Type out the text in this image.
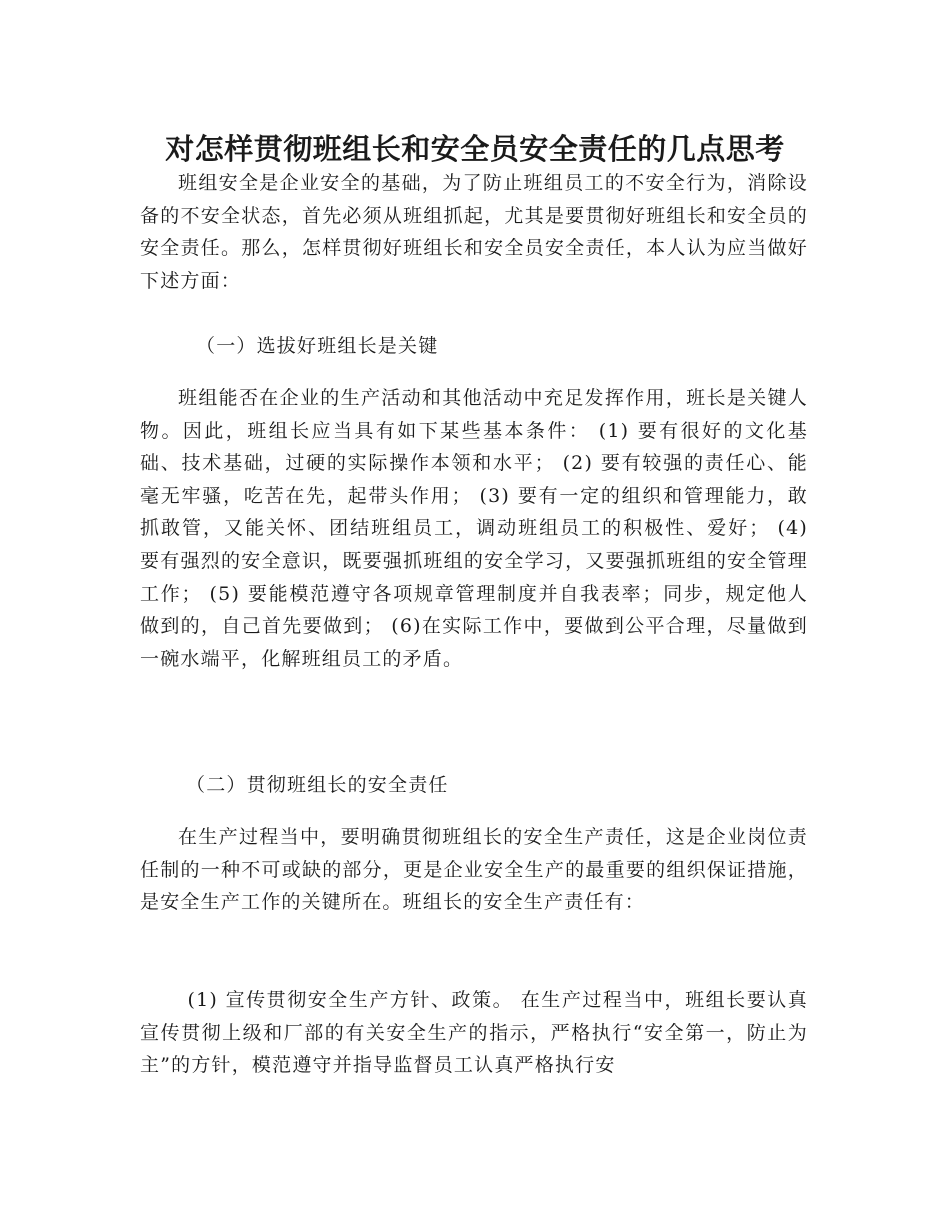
对怎样贯彻班组长和安全员安全责任的几点思考

班组安全是企业安全的基础，为了防止班组员工的不安全行为，消除设备的不安全状态，首先必须从班组抓起，尤其是要贯彻好班组长和安全员的安全责任。那么，怎样贯彻好班组长和安全员安全责任，本人认为应当做好下述方面：

（一）选拔好班组长是关键

班组能否在企业的生产活动和其他活动中充足发挥作用，班长是关键人物。因此，班组长应当具有如下某些基本条件： (1) 要有很好的文化基础、技术基础，过硬的实际操作本领和水平； (2) 要有较强的责任心、能毫无牢骚，吃苦在先，起带头作用； (3) 要有一定的组织和管理能力，敢抓敢管，又能关怀、团结班组员工，调动班组员工的积极性、爱好； (4) 要有强烈的安全意识，既要强抓班组的安全学习，又要强抓班组的安全管理工作； (5) 要能模范遵守各项规章管理制度并自我表率；同步，规定他人做到的，自己首先要做到； (6)在实际工作中，要做到公平合理，尽量做到一碗水端平，化解班组员工的矛盾。

（二）贯彻班组长的安全责任

在生产过程当中，要明确贯彻班组长的安全生产责任，这是企业岗位责任制的一种不可或缺的部分，更是企业安全生产的最重要的组织保证措施，是安全生产工作的关键所在。班组长的安全生产责任有：

(1) 宣传贯彻安全生产方针、政策。 在生产过程当中，班组长要认真宣传贯彻上级和厂部的有关安全生产的指示，严格执行“安全第一，防止为主”的方针，模范遵守并指导监督员工认真严格执行安
